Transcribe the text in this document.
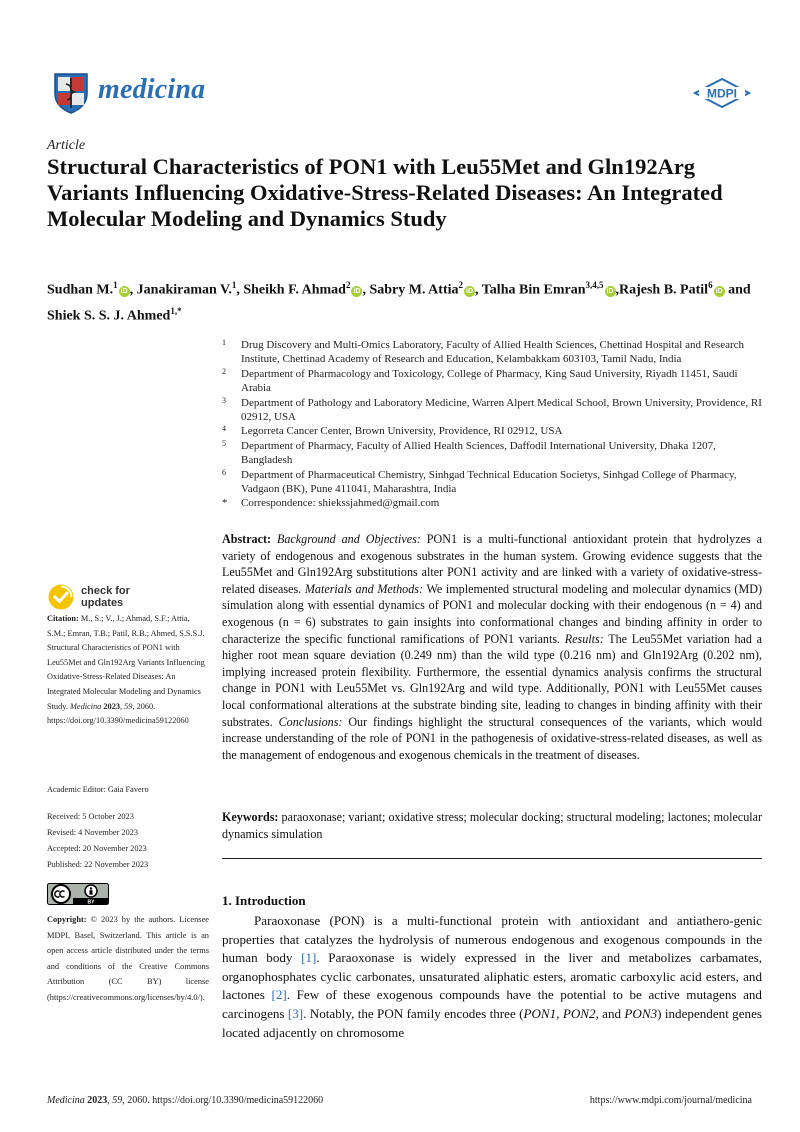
medicina	MDPI
Article
Structural Characteristics of PON1 with Leu55Met and Gln192Arg Variants Influencing Oxidative-Stress-Related Diseases: An Integrated Molecular Modeling and Dynamics Study
Sudhan M.$^1$iD , Janakiraman V.$^1$, Sheikh F. Ahmad$^2$iD , Sabry M. Attia$^2$iD , Talha Bin Emran$^{3,4,5}$iD ,Rajesh B. Patil$^6$iD and Shiek S. S. J. Ahmed$^{1,*}$
1 Drug Discovery and Multi-Omics Laboratory, Faculty of Allied Health Sciences, Chettinad Hospital and Research Institute, Chettinad Academy of Research and Education, Kelambakkam 603103, Tamil Nadu, India
2 Department of Pharmacology and Toxicology, College of Pharmacy, King Saud University, Riyadh 11451, Saudi Arabia
3 Department of Pathology and Laboratory Medicine, Warren Alpert Medical School, Brown University, Providence, RI 02912, USA
4 Legorreta Cancer Center, Brown University, Providence, RI 02912, USA
5 Department of Pharmacy, Faculty of Allied Health Sciences, Daffodil International University, Dhaka 1207, Bangladesh
6 Department of Pharmaceutical Chemistry, Sinhgad Technical Education Societys, Sinhgad College of Pharmacy, Vadgaon (BK), Pune 411041, Maharashtra, India
* Correspondence: shiekssjahmed@gmail.com
Abstract: Background and Objectives: PON1 is a multi-functional antioxidant protein that hydrolyzes a variety of endogenous and exogenous substrates in the human system. Growing evidence suggests that the Leu55Met and Gln192Arg substitutions alter PON1 activity and are linked with a variety of oxidative-stress-related diseases. Materials and Methods: We implemented structural modeling and molecular dynamics (MD) simulation along with essential dynamics of PON1 and molecular docking with their endogenous (n = 4) and exogenous (n = 6) substrates to gain insights into conformational changes and binding affinity in order to characterize the specific functional ramifications of PON1 variants. Results: The Leu55Met variation had a higher root mean square deviation (0.249 nm) than the wild type (0.216 nm) and Gln192Arg (0.202 nm), implying increased protein flexibility. Furthermore, the essential dynamics analysis confirms the structural change in PON1 with Leu55Met vs. Gln192Arg and wild type. Additionally, PON1 with Leu55Met causes local conformational alterations at the substrate binding site, leading to changes in binding affinity with their substrates. Conclusions: Our findings highlight the structural consequences of the variants, which would increase understanding of the role of PON1 in the pathogenesis of oxidative-stress-related diseases, as well as the management of endogenous and exogenous chemicals in the treatment of diseases.
Keywords: paraoxonase; variant; oxidative stress; molecular docking; structural modeling; lactones; molecular dynamics simulation
1. Introduction
Paraoxonase (PON) is a multi-functional protein with antioxidant and antiathero-genic properties that catalyzes the hydrolysis of numerous endogenous and exogenous compounds in the human body [1]. Paraoxonase is widely expressed in the liver and metabolizes carbamates, organophosphates cyclic carbonates, unsaturated aliphatic esters, aromatic carboxylic acid esters, and lactones [2]. Few of these exogenous compounds have the potential to be active mutagens and carcinogens [3]. Notably, the PON family encodes three (PON1, PON2, and PON3) independent genes located adjacently on chromosome
check for
updates
Citation: M., S.; V., J.; Ahmad, S.F.; Attia, S.M.; Emran, T.B.; Patil, R.B.; Ahmed, S.S.S.J. Structural Characteristics of PON1 with Leu55Met and Gln192Arg Variants Influencing Oxidative-Stress-Related Diseases: An Integrated Molecular Modeling and Dynamics Study. Medicina 2023, 59, 2060. https://doi.org/10.3390/medicina59122060
Academic Editor: Gaia Favero
Received: 5 October 2023
Revised: 4 November 2023
Accepted: 20 November 2023
Published: 22 November 2023
BY
Copyright: © 2023 by the authors. Licensee MDPI, Basel, Switzerland. This article is an open access article distributed under the terms and conditions of the Creative Commons Attribution (CC BY) license (https://creativecommons.org/licenses/by/4.0/).
Medicina 2023, 59, 2060. https://doi.org/10.3390/medicina59122060	https://www.mdpi.com/journal/medicina
